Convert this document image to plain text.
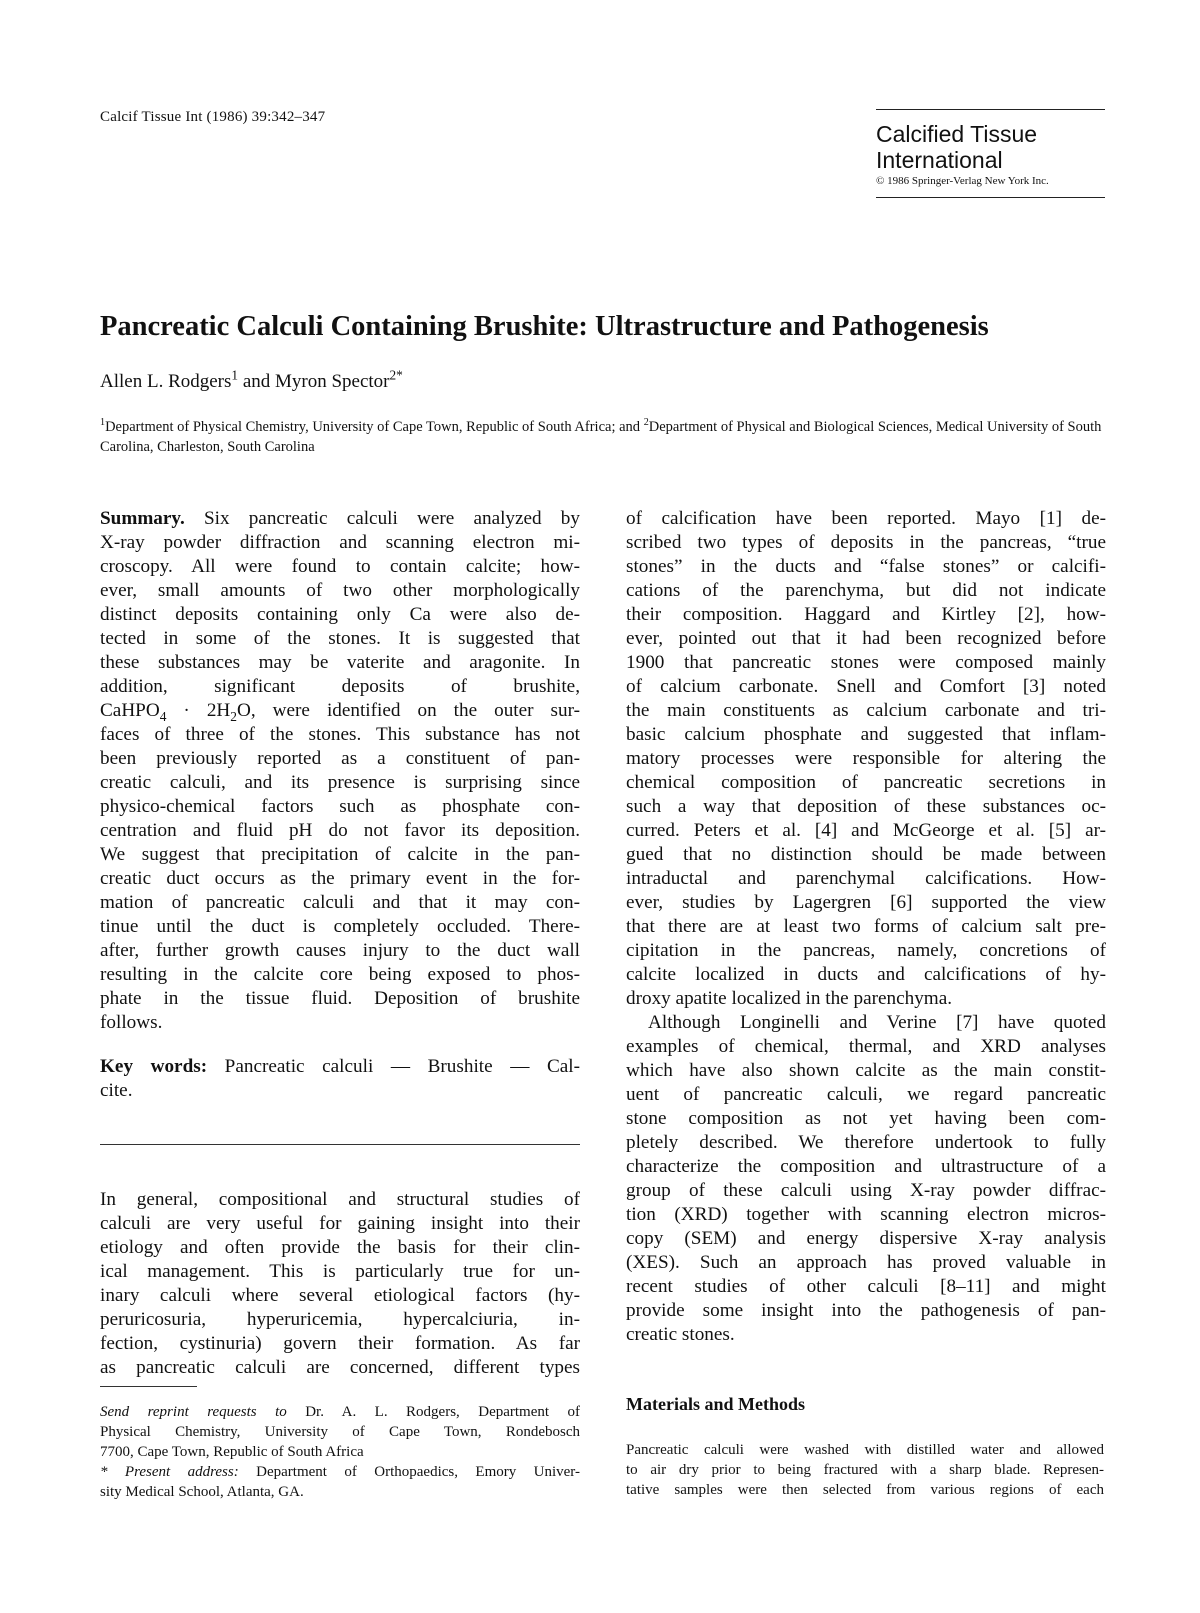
Calcif Tissue Int (1986) 39:342–347
Calcified Tissue
International
© 1986 Springer-Verlag New York Inc.
Pancreatic Calculi Containing Brushite: Ultrastructure and Pathogenesis
Allen L. Rodgers$^1$ and Myron Spector$^{2*}$
$^1$Department of Physical Chemistry, University of Cape Town, Republic of South Africa; and $^2$Department of Physical and Biological Sciences, Medical University of South Carolina, Charleston, South Carolina

Summary. Six pancreatic calculi were analyzed by
X-ray powder diffraction and scanning electron mi-
croscopy. All were found to contain calcite; how-
ever, small amounts of two other morphologically
distinct deposits containing only Ca were also de-
tected in some of the stones. It is suggested that
these substances may be vaterite and aragonite. In
addition, significant deposits of brushite,
CaHPO$_4$ · $2H_2O$, were identified on the outer sur-
faces of three of the stones. This substance has not
been previously reported as a constituent of pan-
creatic calculi, and its presence is surprising since
physico-chemical factors such as phosphate con-
centration and fluid pH do not favor its deposition.
We suggest that precipitation of calcite in the pan-
creatic duct occurs as the primary event in the for-
mation of pancreatic calculi and that it may con-
tinue until the duct is completely occluded. There-
after, further growth causes injury to the duct wall
resulting in the calcite core being exposed to phos-
phate in the tissue fluid. Deposition of brushite
follows.

Key words: Pancreatic calculi — Brushite — Cal-
cite.

In general, compositional and structural studies of
calculi are very useful for gaining insight into their
etiology and often provide the basis for their clin-
ical management. This is particularly true for un-
inary calculi where several etiological factors (hy-
peruricosuria, hyperuricemia, hypercalciuria, in-
fection, cystinuria) govern their formation. As far
as pancreatic calculi are concerned, different types

Send reprint requests to Dr. A. L. Rodgers, Department of
Physical Chemistry, University of Cape Town, Rondebosch
7700, Cape Town, Republic of South Africa
* Present address: Department of Orthopaedics, Emory Univer-
sity Medical School, Atlanta, GA.

of calcification have been reported. Mayo [1] de-
scribed two types of deposits in the pancreas, “true
stones” in the ducts and “false stones” or calcifi-
cations of the parenchyma, but did not indicate
their composition. Haggard and Kirtley [2], how-
ever, pointed out that it had been recognized before
1900 that pancreatic stones were composed mainly
of calcium carbonate. Snell and Comfort [3] noted
the main constituents as calcium carbonate and tri-
basic calcium phosphate and suggested that inflam-
matory processes were responsible for altering the
chemical composition of pancreatic secretions in
such a way that deposition of these substances oc-
curred. Peters et al. [4] and McGeorge et al. [5] ar-
gued that no distinction should be made between
intraductal and parenchymal calcifications. How-
ever, studies by Lagergren [6] supported the view
that there are at least two forms of calcium salt pre-
cipitation in the pancreas, namely, concretions of
calcite localized in ducts and calcifications of hy-
droxy apatite localized in the parenchyma.

Although Longinelli and Verine [7] have quoted
examples of chemical, thermal, and XRD analyses
which have also shown calcite as the main constit-
uent of pancreatic calculi, we regard pancreatic
stone composition as not yet having been com-
pletely described. We therefore undertook to fully
characterize the composition and ultrastructure of a
group of these calculi using X-ray powder diffrac-
tion (XRD) together with scanning electron micros-
copy (SEM) and energy dispersive X-ray analysis
(XES). Such an approach has proved valuable in
recent studies of other calculi [8–11] and might
provide some insight into the pathogenesis of pan-
creatic stones.

Materials and Methods
Pancreatic calculi were washed with distilled water and allowed
to air dry prior to being fractured with a sharp blade. Represen-
tative samples were then selected from various regions of each
